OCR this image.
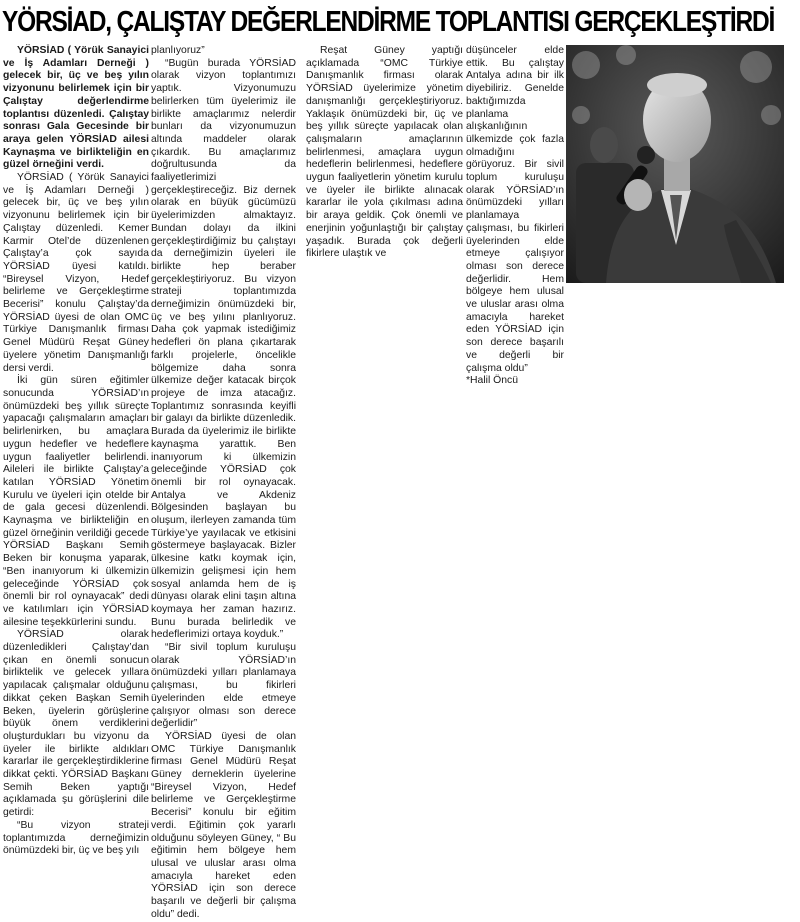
YÖRSİAD, ÇALIŞTAY DEĞERLENDİRME TOPLANTISI GERÇEKLEŞTİRDİ

YÖRSİAD ( Yörük Sanayici ve İş Adamları Derneği ) gelecek bir, üç ve beş yılın vizyonunu belirlemek için bir Çalıştay değerlendirme toplantısı düzenledi. Çalıştay sonrası Gala Gecesinde bir araya gelen YÖRSİAD ailesi Kaynaşma ve birlikteliğin en güzel örneğini verdi.

YÖRSİAD ( Yörük Sanayici ve İş Adamları Derneği ) gelecek bir, üç ve beş yılın vizyonunu belirlemek için bir Çalıştay düzenledi. Kemer Karmir Otel’de düzenlenen Çalıştay’a çok sayıda YÖRSİAD üyesi katıldı. “Bireysel Vizyon, Hedef belirleme ve Gerçekleştirme Becerisi” konulu Çalıştay’da YÖRSİAD üyesi de olan OMC Türkiye Danışmanlık firması Genel Müdürü Reşat Güney üyelere yönetim Danışmanlığı dersi verdi.

İki gün süren eğitimler sonucunda YÖRSİAD’ın önümüzdeki beş yıllık süreçte yapacağı çalışmaların amaçları belirlenirken, bu amaçlara uygun hedefler ve hedeflere uygun faaliyetler belirlendi. Aileleri ile birlikte Çalıştay’a katılan YÖRSİAD Yönetim Kurulu ve üyeleri için otelde bir de gala gecesi düzenlendi. Kaynaşma ve birlikteliğin en güzel örneğinin verildiği gecede YÖRSİAD Başkanı Semih Beken bir konuşma yaparak, “Ben inanıyorum ki ülkemizin geleceğinde YÖRSİAD çok önemli bir rol oynayacak” dedi ve katılımları için YÖRSİAD ailesine teşekkürlerini sundu.

YÖRSİAD olarak düzenledikleri Çalıştay’dan çıkan en önemli sonucun birliktelik ve gelecek yıllara yapılacak çalışmalar olduğunu dikkat çeken Başkan Semih Beken, üyelerin görüşlerine büyük önem verdiklerini oluşturdukları bu vizyonu da üyeler ile birlikte aldıkları kararlar ile gerçekleştirdiklerine dikkat çekti. YÖRSİAD Başkanı Semih Beken yaptığı açıklamada şu görüşlerini dile getirdi:

“Bu vizyon strateji toplantımızda derneğimizin önümüzdeki bir, üç ve beş yılı

planlıyoruz”

“Bugün burada YÖRSİAD olarak vizyon toplantımızı yaptık. Vizyonumuzu belirlerken tüm üyelerimiz ile birlikte amaçlarımız nelerdir bunları da vizyonumuzun altında maddeler olarak çıkardık. Bu amaçlarımız doğrultusunda da faaliyetlerimizi gerçekleştireceğiz. Biz dernek olarak en büyük gücümüzü üyelerimizden almaktayız. Bundan dolayı da ilkini gerçekleştirdiğimiz bu çalıştayı da derneğimizin üyeleri ile birlikte hep beraber gerçekleştiriyoruz. Bu vizyon strateji toplantımızda derneğimizin önümüzdeki bir, üç ve beş yılını planlıyoruz. Daha çok yapmak istediğimiz hedefleri ön plana çıkartarak farklı projelerle, öncelikle bölgemize daha sonra ülkemize değer katacak birçok projeye de imza atacağız. Toplantımız sonrasında keyifli bir galayı da birlikte düzenledik. Burada da üyelerimiz ile birlikte kaynaşma yarattık. Ben inanıyorum ki ülkemizin geleceğinde YÖRSİAD çok önemli bir rol oynayacak. Antalya ve Akdeniz Bölgesinden başlayan bu oluşum, ilerleyen zamanda tüm Türkiye’ye yayılacak ve etkisini göstermeye başlayacak. Bizler ülkesine katkı koymak için, ülkemizin gelişmesi için hem sosyal anlamda hem de iş dünyası olarak elini taşın altına koymaya her zaman hazırız. Bunu burada belirledik ve hedeflerimizi ortaya koyduk.”

“Bir sivil toplum kuruluşu olarak YÖRSİAD’ın önümüzdeki yılları planlamaya çalışması, bu fikirleri üyelerinden elde etmeye çalışıyor olması son derece değerlidir”

YÖRSİAD üyesi de olan OMC Türkiye Danışmanlık firması Genel Müdürü Reşat Güney derneklerin üyelerine “Bireysel Vizyon, Hedef belirleme ve Gerçekleştirme Becerisi” konulu bir eğitim verdi. Eğitimin çok yararlı olduğunu söyleyen Güney, “ Bu eğitimin hem bölgeye hem ulusal ve uluslar arası olma amacıyla hareket eden YÖRSİAD için son derece başarılı ve değerli bir çalışma oldu” dedi.

Reşat Güney yaptığı açıklamada “OMC Türkiye Danışmanlık firması olarak YÖRSİAD üyelerimize yönetim danışmanlığı gerçekleştiriyoruz. Yaklaşık önümüzdeki bir, üç ve beş yıllık süreçte yapılacak olan çalışmaların amaçlarının belirlenmesi, amaçlara uygun hedeflerin belirlenmesi, hedeflere uygun faaliyetlerin yönetim kurulu ve üyeler ile birlikte alınacak kararlar ile yola çıkılması adına bir araya geldik. Çok önemli ve enerjinin yoğunlaştığı bir çalıştay yaşadık. Burada çok değerli fikirlere ulaştık ve

düşünceler elde ettik. Bu çalıştay Antalya adına bir ilk diyebiliriz. Genelde baktığımızda planlama alışkanlığının ülkemizde çok fazla olmadığını görüyoruz. Bir sivil toplum kuruluşu olarak YÖRSİAD’ın önümüzdeki yılları planlamaya çalışması, bu fikirleri üyelerinden elde etmeye çalışıyor olması son derece değerlidir. Hem bölgeye hem ulusal ve uluslar arası olma amacıyla hareket eden YÖRSİAD için son derece başarılı ve değerli bir çalışma oldu”

*Halil Öncü
